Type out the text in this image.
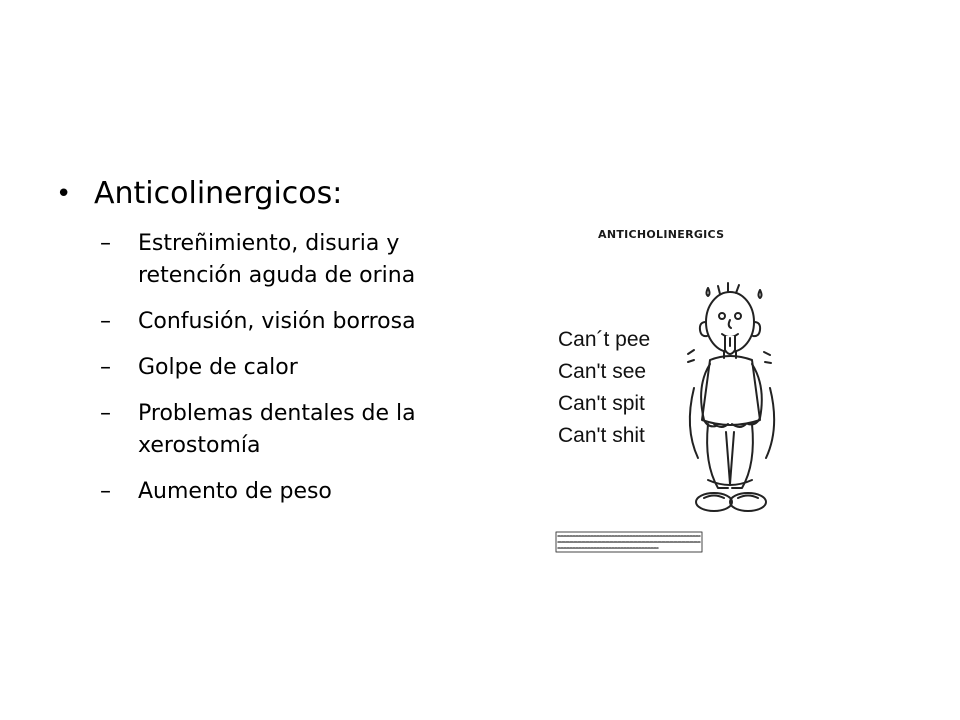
• Anticolinergicos:
– Estreñimiento, disuria y retención aguda de orina
– Confusión, visión borrosa
– Golpe de calor
– Problemas dentales de la xerostomía
– Aumento de peso
ANTICHOLINERGICS
Can´t pee
Can't see
Can't spit
Can't shit
